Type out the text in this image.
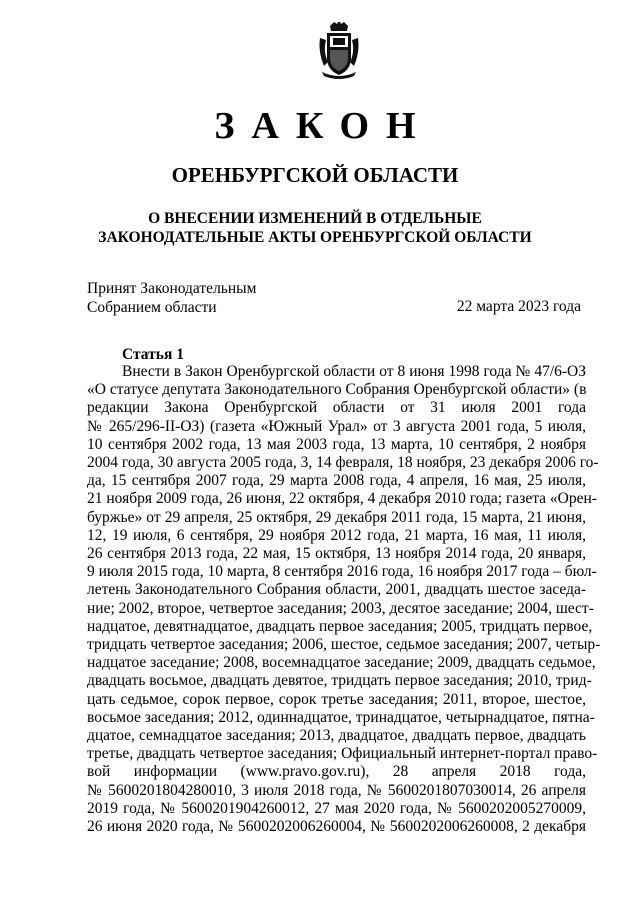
ЗАКОН
ОРЕНБУРГСКОЙ ОБЛАСТИ
О ВНЕСЕНИИ ИЗМЕНЕНИЙ В ОТДЕЛЬНЫЕ
ЗАКОНОДАТЕЛЬНЫЕ АКТЫ ОРЕНБУРГСКОЙ ОБЛАСТИ
Принят Законодательным
Собранием области	22 марта 2023 года
Статья 1
Внести в Закон Оренбургской области от 8 июня 1998 года № 47/6-ОЗ
«О статусе депутата Законодательного Собрания Оренбургской области» (в
редакции Закона Оренбургской области от 31 июля 2001 года
№ 265/296-II-ОЗ) (газета «Южный Урал» от 3 августа 2001 года, 5 июля,
10 сентября 2002 года, 13 мая 2003 года, 13 марта, 10 сентября, 2 ноября
2004 года, 30 августа 2005 года, 3, 14 февраля, 18 ноября, 23 декабря 2006 го-
да, 15 сентября 2007 года, 29 марта 2008 года, 4 апреля, 16 мая, 25 июля,
21 ноября 2009 года, 26 июня, 22 октября, 4 декабря 2010 года; газета «Орен-
буржье» от 29 апреля, 25 октября, 29 декабря 2011 года, 15 марта, 21 июня,
12, 19 июля, 6 сентября, 29 ноября 2012 года, 21 марта, 16 мая, 11 июля,
26 сентября 2013 года, 22 мая, 15 октября, 13 ноября 2014 года, 20 января,
9 июля 2015 года, 10 марта, 8 сентября 2016 года, 16 ноября 2017 года – бюл-
летень Законодательного Собрания области, 2001, двадцать шестое заседа-
ние; 2002, второе, четвертое заседания; 2003, десятое заседание; 2004, шест-
надцатое, девятнадцатое, двадцать первое заседания; 2005, тридцать первое,
тридцать четвертое заседания; 2006, шестое, седьмое заседания; 2007, четыр-
надцатое заседание; 2008, восемнадцатое заседание; 2009, двадцать седьмое,
двадцать восьмое, двадцать девятое, тридцать первое заседания; 2010, трид-
цать седьмое, сорок первое, сорок третье заседания; 2011, второе, шестое,
восьмое заседания; 2012, одиннадцатое, тринадцатое, четырнадцатое, пятна-
дцатое, семнадцатое заседания; 2013, двадцатое, двадцать первое, двадцать
третье, двадцать четвертое заседания; Официальный интернет-портал право-
вой информации (www.pravo.gov.ru), 28 апреля 2018 года,
№ 5600201804280010, 3 июля 2018 года, № 5600201807030014, 26 апреля
2019 года, № 5600201904260012, 27 мая 2020 года, № 5600202005270009,
26 июня 2020 года, № 5600202006260004, № 5600202006260008, 2 декабря
